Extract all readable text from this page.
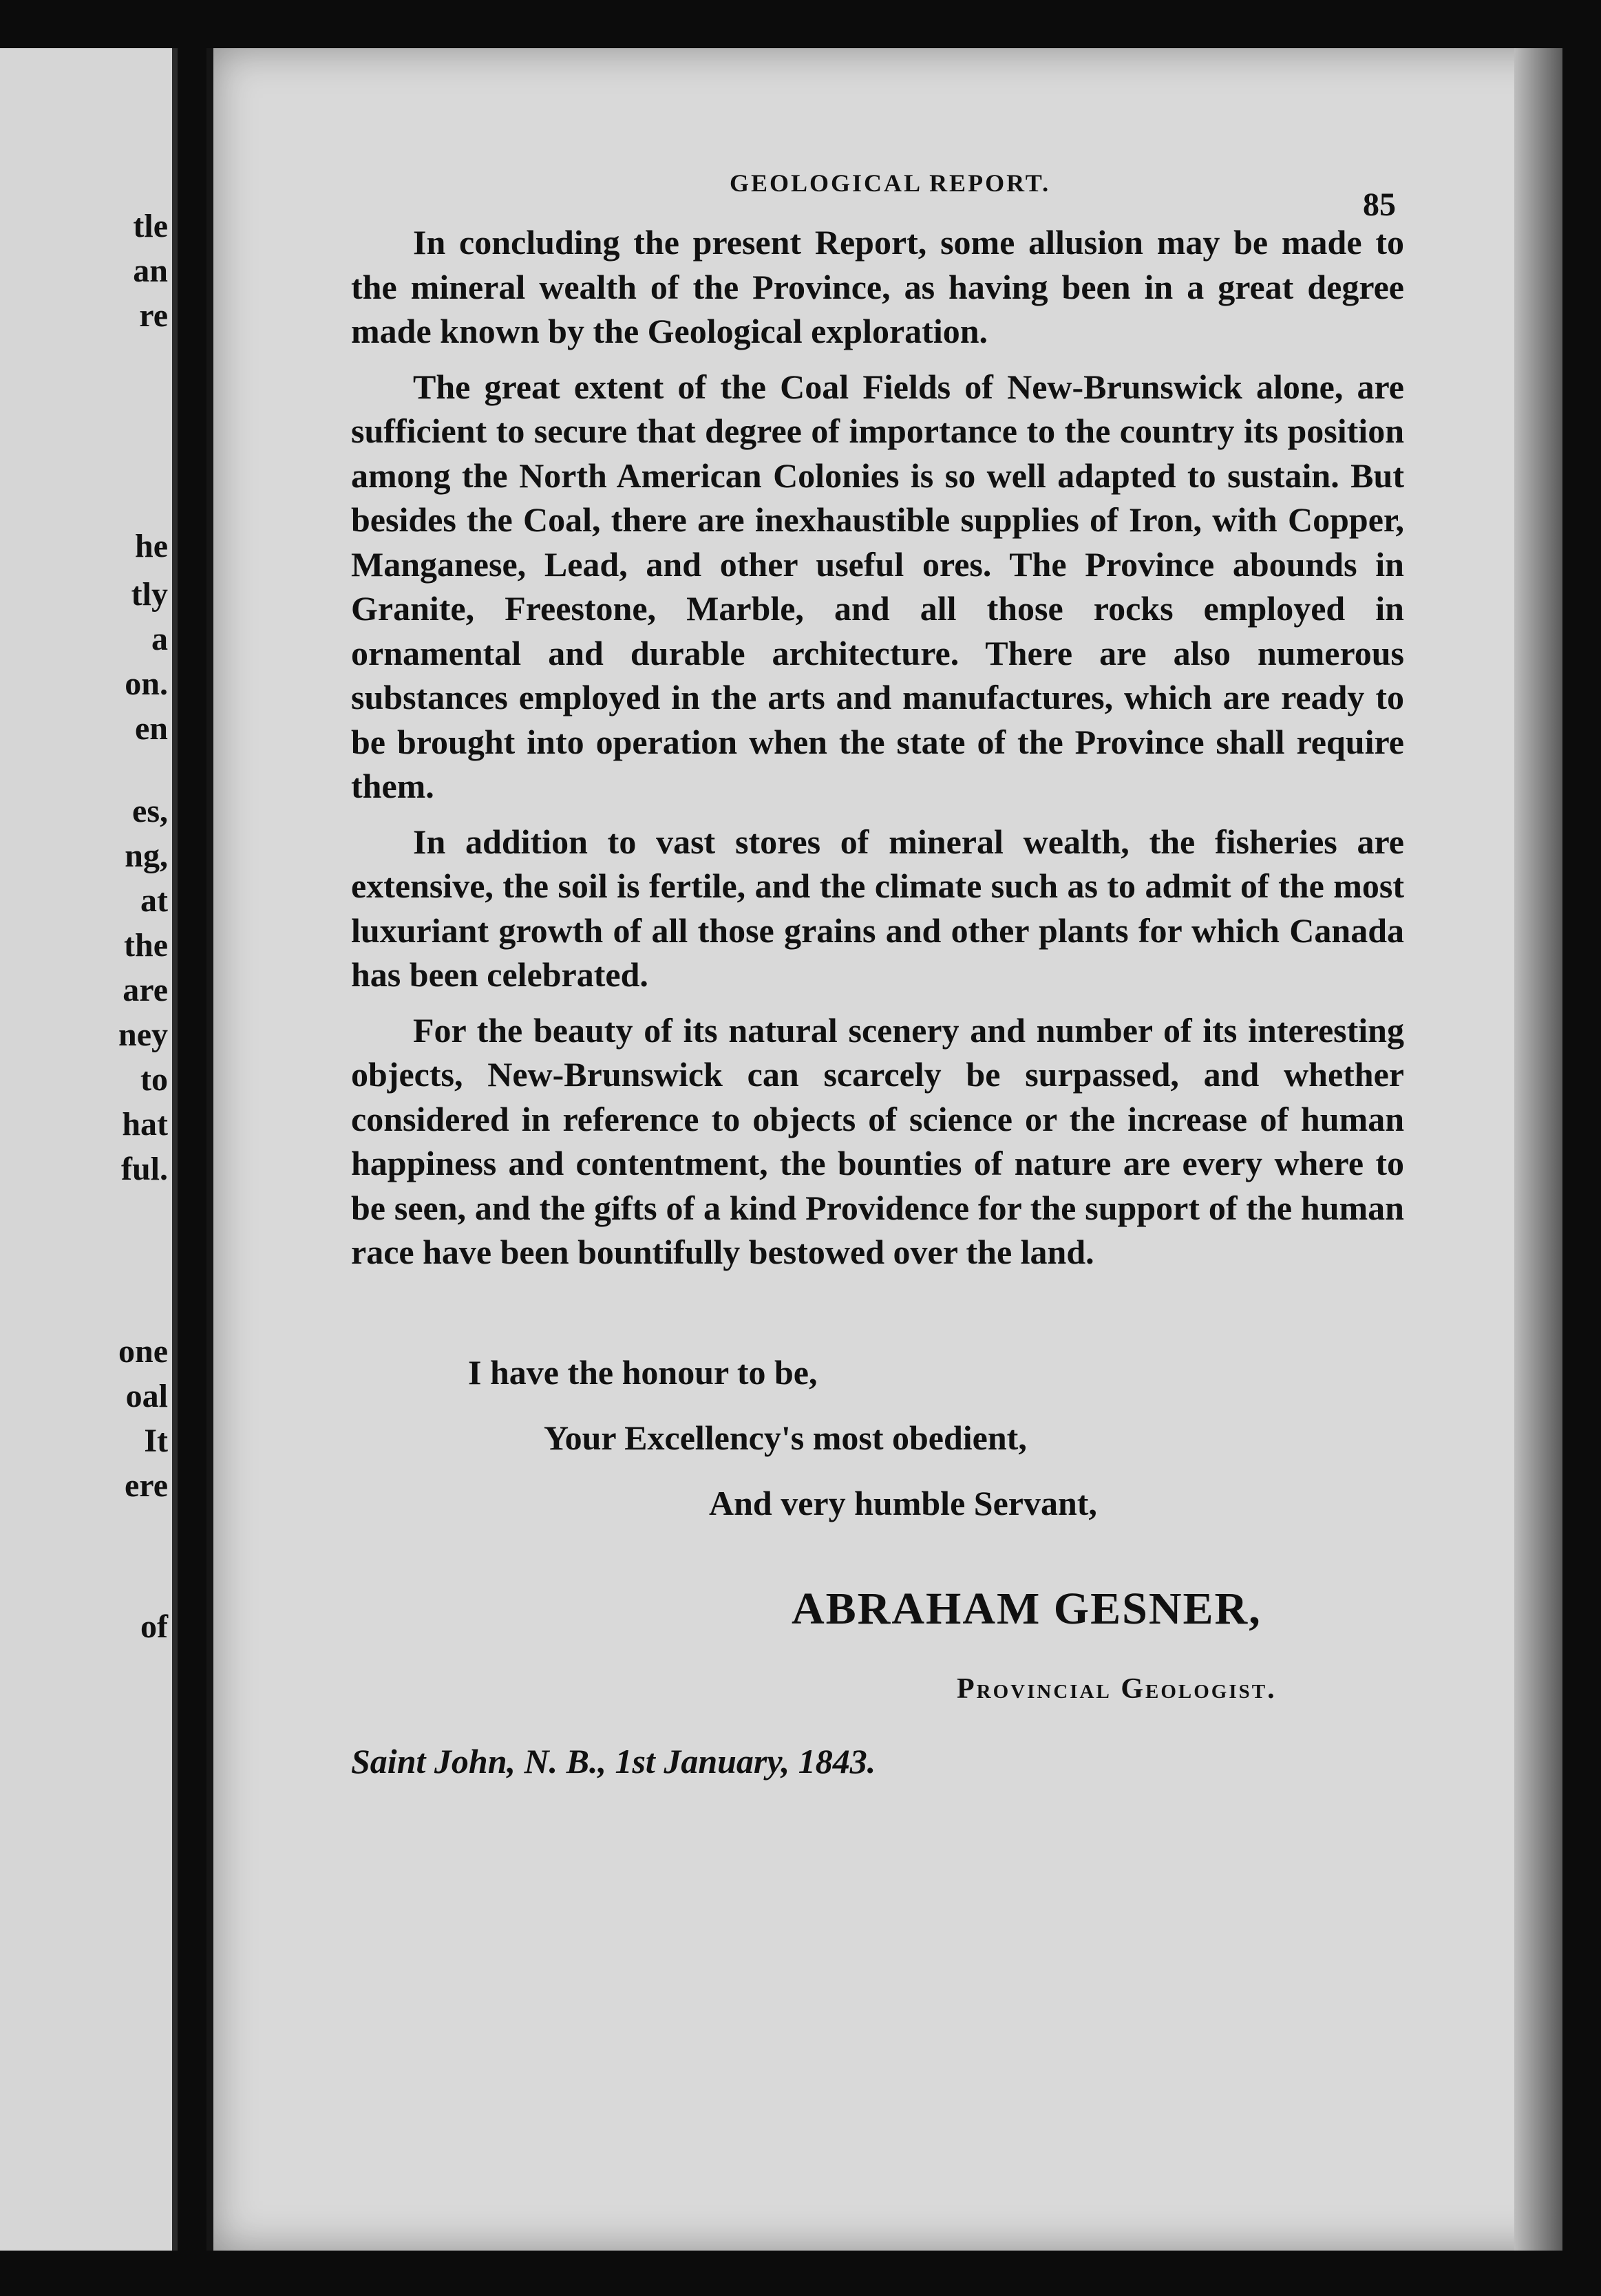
tle
an
re
he
tly
a
on.
en
es,
ng,
at
the
are
ney
to
hat
ful.
one
oal
It
ere
of
GEOLOGICAL REPORT.
85

In concluding the present Report, some allusion may be made to the mineral wealth of the Province, as having been in a great degree made known by the Geological exploration.

The great extent of the Coal Fields of New-Brunswick alone, are sufficient to secure that degree of importance to the country its position among the North American Colonies is so well adapted to sustain. But besides the Coal, there are inexhaustible supplies of Iron, with Copper, Manganese, Lead, and other useful ores. The Province abounds in Granite, Freestone, Marble, and all those rocks employed in ornamental and durable architecture. There are also numerous substances employed in the arts and manufactures, which are ready to be brought into operation when the state of the Province shall require them.

In addition to vast stores of mineral wealth, the fisheries are extensive, the soil is fertile, and the climate such as to admit of the most luxuriant growth of all those grains and other plants for which Canada has been celebrated.

For the beauty of its natural scenery and number of its interesting objects, New-Brunswick can scarcely be surpassed, and whether considered in reference to objects of science or the increase of human happiness and contentment, the bounties of nature are every where to be seen, and the gifts of a kind Providence for the support of the human race have been bountifully bestowed over the land.

I have the honour to be,
Your Excellency's most obedient,
And very humble Servant,
ABRAHAM GESNER,
Provincial Geologist.
Saint John, N. B., 1st January, 1843.
